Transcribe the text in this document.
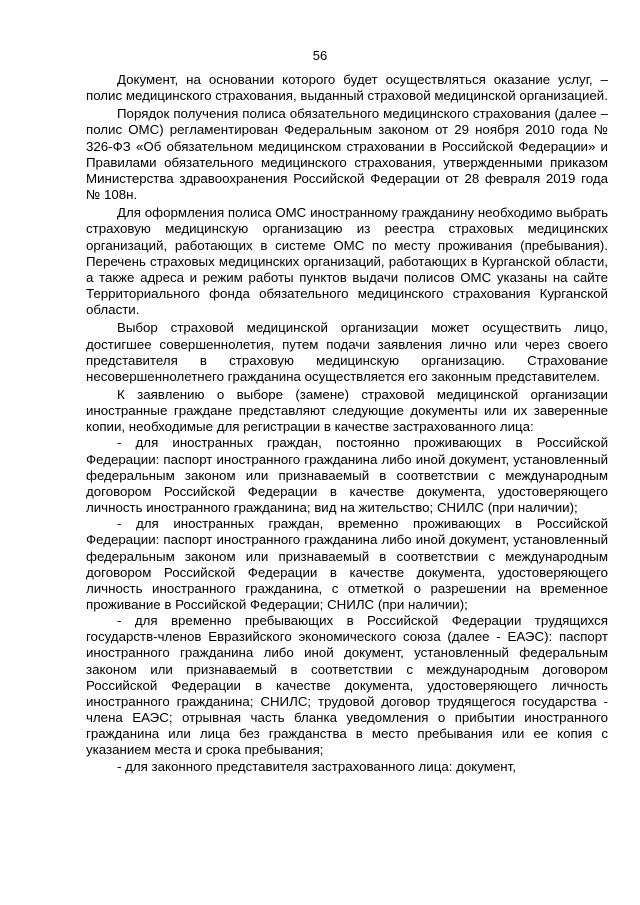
56

Документ, на основании которого будет осуществляться оказание услуг, – полис медицинского страхования, выданный страховой медицинской организацией.

Порядок получения полиса обязательного медицинского страхования (далее – полис ОМС) регламентирован Федеральным законом от 29 ноября 2010 года № 326-ФЗ «Об обязательном медицинском страховании в Российской Федерации» и Правилами обязательного медицинского страхования, утвержденными приказом Министерства здравоохранения Российской Федерации от 28 февраля 2019 года № 108н.

Для оформления полиса ОМС иностранному гражданину необходимо выбрать страховую медицинскую организацию из реестра страховых медицинских организаций, работающих в системе ОМС по месту проживания (пребывания). Перечень страховых медицинских организаций, работающих в Курганской области, а также адреса и режим работы пунктов выдачи полисов ОМС указаны на сайте Территориального фонда обязательного медицинского страхования Курганской области.

Выбор страховой медицинской организации может осуществить лицо, достигшее совершеннолетия, путем подачи заявления лично или через своего представителя в страховую медицинскую организацию. Страхование несовершеннолетнего гражданина осуществляется его законным представителем.

К заявлению о выборе (замене) страховой медицинской организации иностранные граждане представляют следующие документы или их заверенные копии, необходимые для регистрации в качестве застрахованного лица:

- для иностранных граждан, постоянно проживающих в Российской Федерации: паспорт иностранного гражданина либо иной документ, установленный федеральным законом или признаваемый в соответствии с международным договором Российской Федерации в качестве документа, удостоверяющего личность иностранного гражданина; вид на жительство; СНИЛС (при наличии);

- для иностранных граждан, временно проживающих в Российской Федерации: паспорт иностранного гражданина либо иной документ, установленный федеральным законом или признаваемый в соответствии с международным договором Российской Федерации в качестве документа, удостоверяющего личность иностранного гражданина, с отметкой о разрешении на временное проживание в Российской Федерации; СНИЛС (при наличии);

- для временно пребывающих в Российской Федерации трудящихся государств-членов Евразийского экономического союза (далее - ЕАЭС): паспорт иностранного гражданина либо иной документ, установленный федеральным законом или признаваемый в соответствии с международным договором Российской Федерации в качестве документа, удостоверяющего личность иностранного гражданина; СНИЛС; трудовой договор трудящегося государства - члена ЕАЭС; отрывная часть бланка уведомления о прибытии иностранного гражданина или лица без гражданства в место пребывания или ее копия с указанием места и срока пребывания;

- для законного представителя застрахованного лица: документ,
